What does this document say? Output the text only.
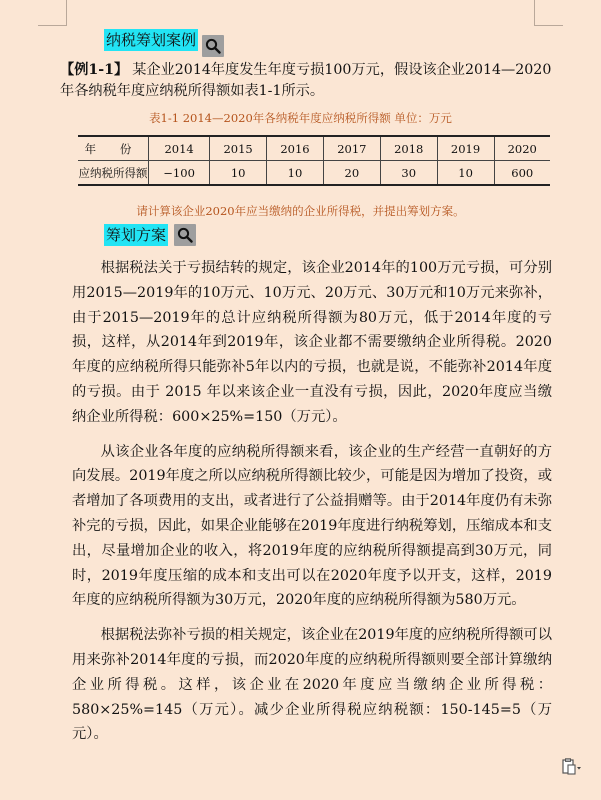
纳税筹划案例
【例1-1】 某企业2014年度发生年度亏损100万元，假设该企业2014—2020年各纳税年度应纳税所得额如表1-1所示。
表1-1 2014—2020年各纳税年度应纳税所得额 单位：万元
年 份	2014	2015	2016	2017	2018	2019	2020
应纳税所得额	−100	10	10	20	30	10	600
请计算该企业2020年应当缴纳的企业所得税，并提出筹划方案。
筹划方案

根据税法关于亏损结转的规定，该企业2014年的100万元亏损，可分别用2015—2019年的10万元、10万元、20万元、30万元和10万元来弥补，由于2015—2019年的总计应纳税所得额为80万元，低于2014年度的亏损，这样，从2014年到2019年，该企业都不需要缴纳企业所得税。2020年度的应纳税所得只能弥补5年以内的亏损，也就是说，不能弥补2014年度的亏损。由于 2015 年以来该企业一直没有亏损，因此，2020年度应当缴纳企业所得税：600×25%=150（万元）。

从该企业各年度的应纳税所得额来看，该企业的生产经营一直朝好的方向发展。2019年度之所以应纳税所得额比较少，可能是因为增加了投资，或者增加了各项费用的支出，或者进行了公益捐赠等。由于2014年度仍有未弥补完的亏损，因此，如果企业能够在2019年度进行纳税筹划，压缩成本和支出，尽量增加企业的收入，将2019年度的应纳税所得额提高到30万元，同时，2019年度压缩的成本和支出可以在2020年度予以开支，这样，2019年度的应纳税所得额为30万元，2020年度的应纳税所得额为580万元。

根据税法弥补亏损的相关规定，该企业在2019年度的应纳税所得额可以用来弥补2014年度的亏损，而2020年度的应纳税所得额则要全部计算缴纳企业所得税。这样，该企业在2020年度应当缴纳企业所得税：580×25%=145（万元）。减少企业所得税应纳税额：150-145=5（万元）。
